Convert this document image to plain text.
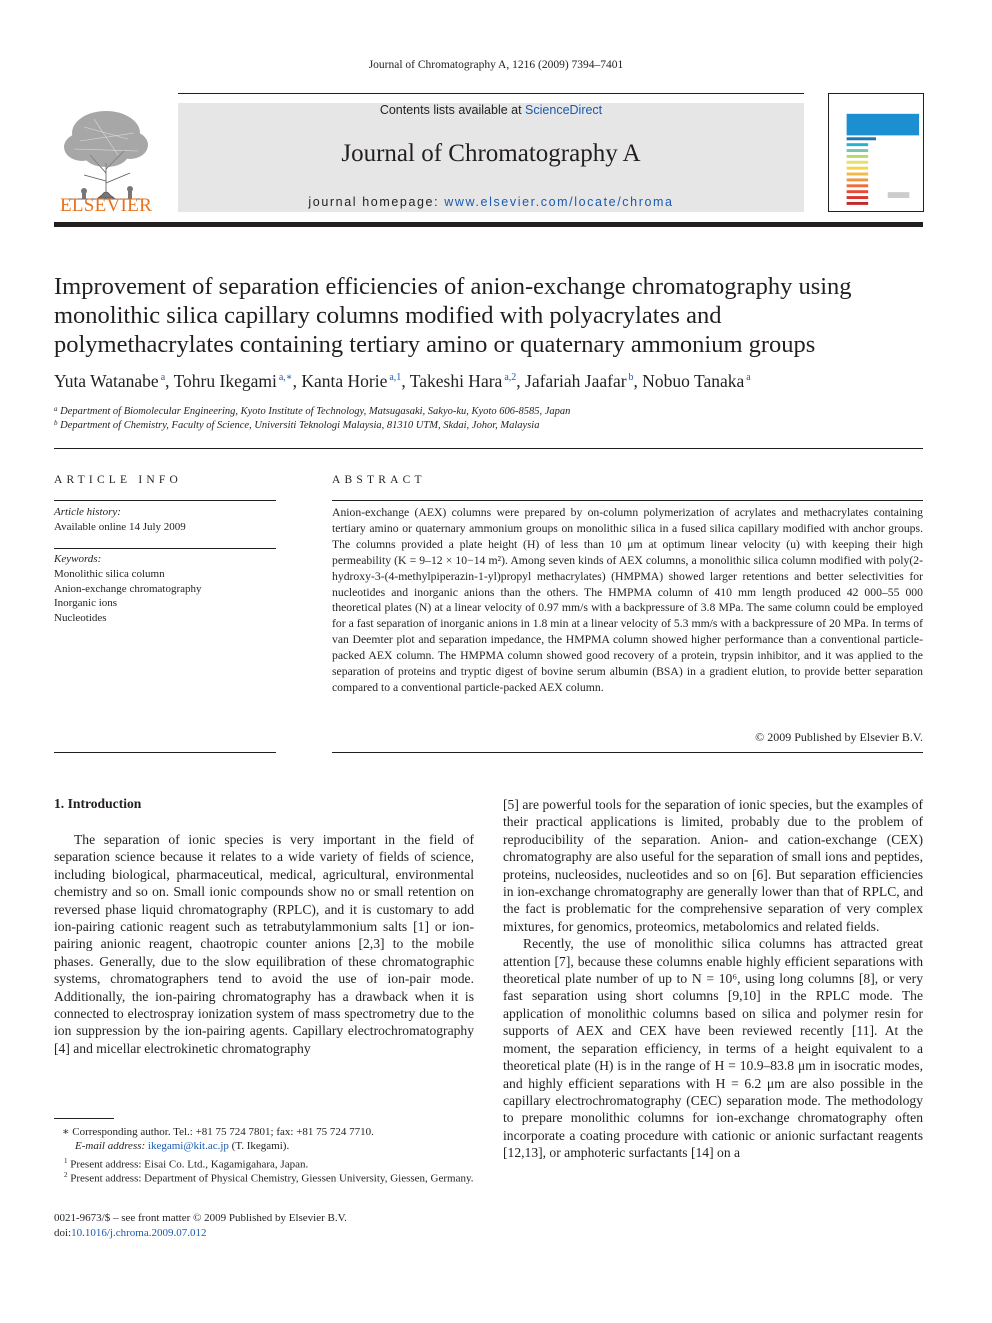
Journal of Chromatography A, 1216 (2009) 7394–7401
ELSEVIER
Contents lists available at ScienceDirect
Journal of Chromatography A
journal homepage: www.elsevier.com/locate/chroma
Improvement of separation efficiencies of anion-exchange chromatography using
monolithic silica capillary columns modified with polyacrylates and
polymethacrylates containing tertiary amino or quaternary ammonium groups
Yuta Watanabe $^a$, Tohru Ikegami $^{a,∗}$, Kanta Horie $^{a,1}$, Takeshi Hara $^{a,2}$, Jafariah Jaafar $^b$, Nobuo Tanaka $^a$
$^a$ Department of Biomolecular Engineering, Kyoto Institute of Technology, Matsugasaki, Sakyo-ku, Kyoto 606-8585, Japan
$^b$ Department of Chemistry, Faculty of Science, Universiti Teknologi Malaysia, 81310 UTM, Skdai, Johor, Malaysia
ARTICLE INFO
Article history:
Available online 14 July 2009
Keywords:
Monolithic silica column
Anion-exchange chromatography
Inorganic ions
Nucleotides
ABSTRACT
Anion-exchange (AEX) columns were prepared by on-column polymerization of acrylates and methacrylates containing tertiary amino or quaternary ammonium groups on monolithic silica in a fused silica capillary modified with anchor groups. The columns provided a plate height (H) of less than 10 μm at optimum linear velocity (u) with keeping their high permeability (K = 9–12 × 10−14 m²). Among seven kinds of AEX columns, a monolithic silica column modified with poly(2-hydroxy-3-(4-methylpiperazin-1-yl)propyl methacrylates) (HMPMA) showed larger retentions and better selectivities for nucleotides and inorganic anions than the others. The HMPMA column of 410 mm length produced 42 000–55 000 theoretical plates (N) at a linear velocity of 0.97 mm/s with a backpressure of 3.8 MPa. The same column could be employed for a fast separation of inorganic anions in 1.8 min at a linear velocity of 5.3 mm/s with a backpressure of 20 MPa. In terms of van Deemter plot and separation impedance, the HMPMA column showed higher performance than a conventional particle-packed AEX column. The HMPMA column showed good recovery of a protein, trypsin inhibitor, and it was applied to the separation of proteins and tryptic digest of bovine serum albumin (BSA) in a gradient elution, to provide better separation compared to a conventional particle-packed AEX column.
© 2009 Published by Elsevier B.V.
1. Introduction

The separation of ionic species is very important in the field of separation science because it relates to a wide variety of fields of science, including biological, pharmaceutical, medical, agricultural, environmental chemistry and so on. Small ionic compounds show no or small retention on reversed phase liquid chromatography (RPLC), and it is customary to add ion-pairing cationic reagent such as tetrabutylammonium salts [1] or ion-pairing anionic reagent, chaotropic counter anions [2,3] to the mobile phases. Generally, due to the slow equilibration of these chromatographic systems, chromatographers tend to avoid the use of ion-pair mode. Additionally, the ion-pairing chromatography has a drawback when it is connected to electrospray ionization system of mass spectrometry due to the ion suppression by the ion-pairing agents. Capillary electrochromatography [4] and micellar electrokinetic chromatography

[5] are powerful tools for the separation of ionic species, but the examples of their practical applications is limited, probably due to the problem of reproducibility of the separation. Anion- and cation-exchange (CEX) chromatography are also useful for the separation of small ions and peptides, proteins, nucleosides, nucleotides and so on [6]. But separation efficiencies in ion-exchange chromatography are generally lower than that of RPLC, and the fact is problematic for the comprehensive separation of very complex mixtures, for genomics, proteomics, metabolomics and related fields.

Recently, the use of monolithic silica columns has attracted great attention [7], because these columns enable highly efficient separations with theoretical plate number of up to N = 10⁶, using long columns [8], or very fast separation using short columns [9,10] in the RPLC mode. The application of monolithic columns based on silica and polymer resin for supports of AEX and CEX have been reviewed recently [11]. At the moment, the separation efficiency, in terms of a height equivalent to a theoretical plate (H) is in the range of H = 10.9–83.8 μm in isocratic modes, and highly efficient separations with H = 6.2 μm are also possible in the capillary electrochromatography (CEC) separation mode. The methodology to prepare monolithic columns for ion-exchange chromatography often incorporate a coating procedure with cationic or anionic surfactant reagents [12,13], or amphoteric surfactants [14] on a

∗ Corresponding author. Tel.: +81 75 724 7801; fax: +81 75 724 7710.
E-mail address: ikegami@kit.ac.jp (T. Ikegami).
$^1$ Present address: Eisai Co. Ltd., Kagamigahara, Japan.
$^2$ Present address: Department of Physical Chemistry, Giessen University, Giessen, Germany.
0021-9673/$ – see front matter © 2009 Published by Elsevier B.V.
doi:10.1016/j.chroma.2009.07.012
